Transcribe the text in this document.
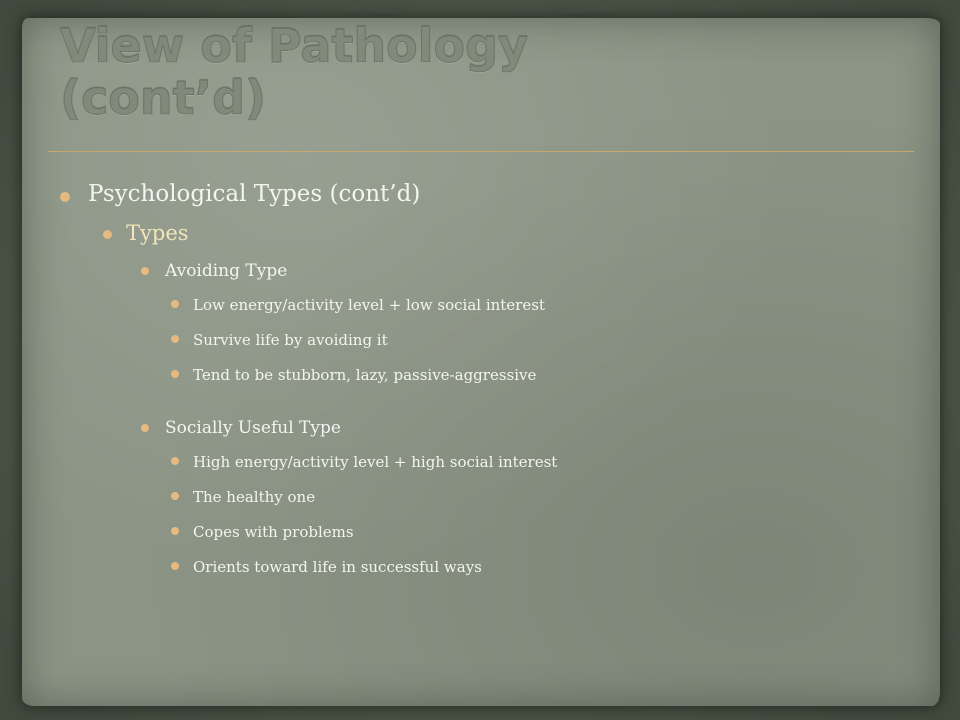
View of Pathology
(cont’d)
Psychological Types (cont’d)
Types
Avoiding Type
Low energy/activity level + low social interest
Survive life by avoiding it
Tend to be stubborn, lazy, passive-aggressive
Socially Useful Type
High energy/activity level + high social interest
The healthy one
Copes with problems
Orients toward life in successful ways
